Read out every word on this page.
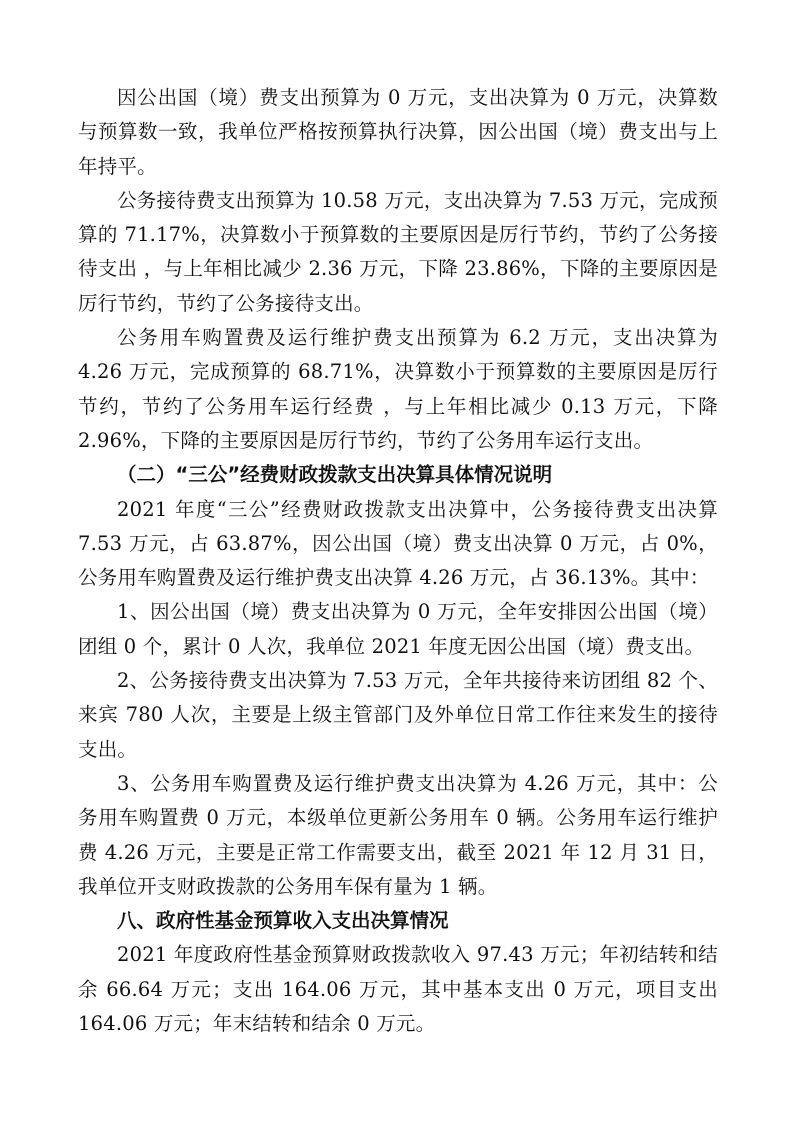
因公出国（境）费支出预算为 0 万元，支出决算为 0 万元，决算数与预算数一致，我单位严格按预算执行决算，因公出国（境）费支出与上年持平。

公务接待费支出预算为 10.58 万元，支出决算为 7.53 万元，完成预算的 71.17%，决算数小于预算数的主要原因是厉行节约，节约了公务接待支出 ，与上年相比减少 2.36 万元，下降 23.86%，下降的主要原因是厉行节约，节约了公务接待支出。

公务用车购置费及运行维护费支出预算为 6.2 万元，支出决算为 4.26 万元，完成预算的 68.71%，决算数小于预算数的主要原因是厉行节约，节约了公务用车运行经费 ，与上年相比减少 0.13 万元，下降 2.96%，下降的主要原因是厉行节约，节约了公务用车运行支出。

（二）“三公”经费财政拨款支出决算具体情况说明

2021 年度“三公”经费财政拨款支出决算中，公务接待费支出决算 7.53 万元，占 63.87%，因公出国（境）费支出决算 0 万元，占 0%，公务用车购置费及运行维护费支出决算 4.26 万元，占 36.13%。其中：

1、因公出国（境）费支出决算为 0 万元，全年安排因公出国（境）团组 0 个，累计 0 人次，我单位 2021 年度无因公出国（境）费支出。

2、公务接待费支出决算为 7.53 万元，全年共接待来访团组 82 个、来宾 780 人次，主要是上级主管部门及外单位日常工作往来发生的接待支出。

3、公务用车购置费及运行维护费支出决算为 4.26 万元，其中：公务用车购置费 0 万元，本级单位更新公务用车 0 辆。公务用车运行维护费 4.26 万元，主要是正常工作需要支出，截至 2021 年 12 月 31 日，我单位开支财政拨款的公务用车保有量为 1 辆。

八、政府性基金预算收入支出决算情况

2021 年度政府性基金预算财政拨款收入 97.43 万元；年初结转和结余 66.64 万元；支出 164.06 万元，其中基本支出 0 万元，项目支出 164.06 万元；年末结转和结余 0 万元。
